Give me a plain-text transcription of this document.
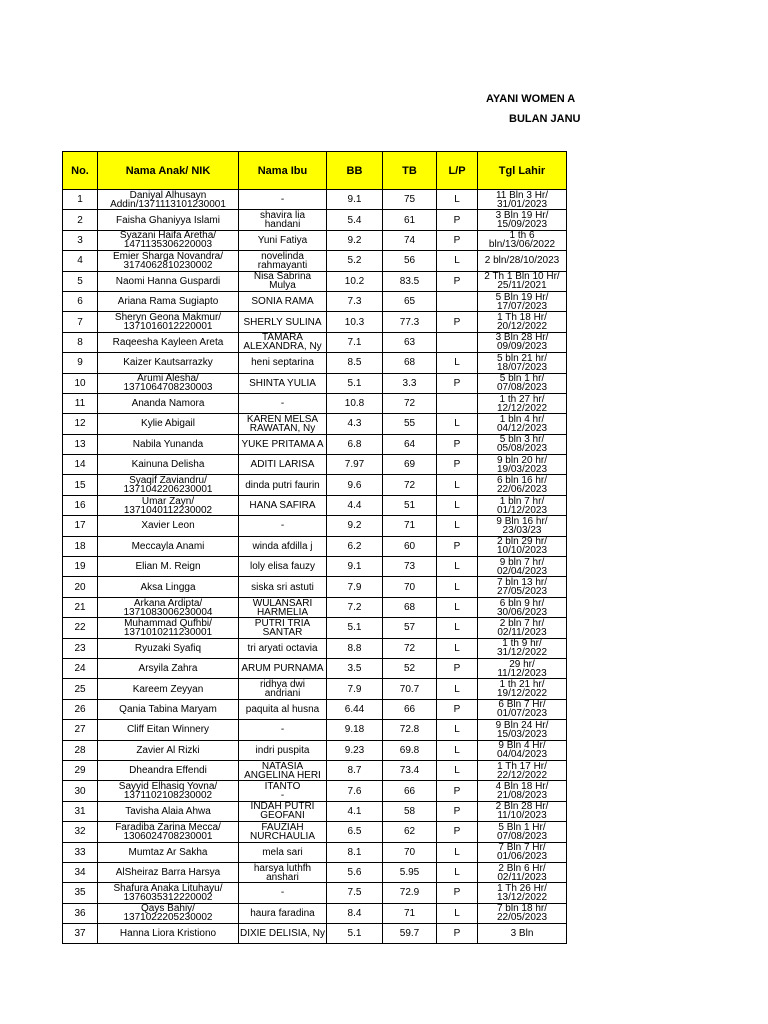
AYANI WOMEN A
BULAN JANU
No.	Nama Anak/ NIK	Nama Ibu	BB	TB	L/P	Tgl Lahir
1	Daniyal Alhusayn
Addin/1371113101230001	-	9.1	75	L	11 Bln 3 Hr/
31/01/2023

2	Faisha Ghaniyya Islami	shavira lia
handani	5.4	61	P	3 Bln 19 Hr/
15/09/2023

3	Syazani Haifa Aretha/
1471135306220003	Yuni Fatiya	9.2	74	P	1 th 6
bln/13/06/2022

4	Emier Sharga Novandra/
3174062810230002	novelinda
rahmayanti	5.2	56	L	2 bln/28/10/2023
5	Naomi Hanna Guspardi	Nisa Sabrina
Mulya	10.2	83.5	P	2 Th 1 Bln 10 Hr/
25/11/2021

6	Ariana Rama Sugiapto	SONIA RAMA	7.3	65		5 Bln 19 Hr/
17/07/2023

7	Sheryn Geona Makmur/
1371016012220001	SHERLY SULINA	10.3	77.3	P	1 Th 18 Hr/
20/12/2022

8	Raqeesha Kayleen Areta	TAMARA
ALEXANDRA, Ny	7.1	63		3 Bln 28 Hr/
09/09/2023

9	Kaizer Kautsarrazky	heni septarina	8.5	68	L	5 bln 21 hr/
18/07/2023

10	Arumi Alesha/
1371064708230003	SHINTA YULIA	5.1	3.3	P	5 bln 1 hr/
07/08/2023

11	Ananda Namora	-	10.8	72		1 th 27 hr/
12/12/2022

12	Kylie Abigail	KAREN MELSA
RAWATAN, Ny	4.3	55	L	1 bln 4 hr/
04/12/2023

13	Nabila Yunanda	YUKE PRITAMA A	6.8	64	P	5 bln 3 hr/
05/08/2023

14	Kainuna Delisha	ADITI LARISA	7.97	69	P	9 bln 20 hr/
19/03/2023

15	Syaqif Zaviandru/
1371042206230001	dinda putri faurin	9.6	72	L	6 bln 16 hr/
22/06/2023

16	Umar Zayn/
1371040112230002	HANA SAFIRA	4.4	51	L	1 bln 7 hr/
01/12/2023

17	Xavier Leon	-	9.2	71	L	9 Bln 16 hr/
23/03/23

18	Meccayla Anami	winda afdilla j	6.2	60	P	2 bln 29 hr/
10/10/2023

19	Elian M. Reign	loly elisa fauzy	9.1	73	L	9 bln 7 hr/
02/04/2023

20	Aksa Lingga	siska sri astuti	7.9	70	L	7 bln 13 hr/
27/05/2023

21	Arkana Ardipta/
1371083006230004	WULANSARI
HARMELIA	7.2	68	L	6 bln 9 hr/
30/06/2023

22	Muhammad Qufhbi/
1371010211230001	PUTRI TRIA
SANTAR	5.1	57	L	2 bln 7 hr/
02/11/2023

23	Ryuzaki Syafiq	tri aryati octavia	8.8	72	L	1 th 9 hr/
31/12/2022

24	Arsyila Zahra	ARUM PURNAMA	3.5	52	P	29 hr/
11/12/2023

25	Kareem Zeyyan	ridhya dwi
andriani	7.9	70.7	L	1 th 21 hr/
19/12/2022

26	Qania Tabina Maryam	paquita al husna	6.44	66	P	6 Bln 7 Hr/
01/07/2023

27	Cliff Eitan Winnery	-	9.18	72.8	L	9 Bln 24 Hr/
15/03/2023

28	Zavier Al Rizki	indri puspita	9.23	69.8	L	9 Bln 4 Hr/
04/04/2023

29	Dheandra Effendi	NATASIA
ANGELINA HERI	8.7	73.4	L	1 Th 17 Hr/
22/12/2022

30	Sayyid Elhasiq Yovna/
1371102108230002	ITANTO
-	7.6	66	P	4 Bln 18 Hr/
21/08/2023

31	Tavisha Alaia Ahwa	INDAH PUTRI
GEOFANI	4.1	58	P	2 Bln 28 Hr/
11/10/2023

32	Faradiba Zarina Mecca/
1306024708230001	FAUZIAH
NURCHAULIA	6.5	62	P	5 Bln 1 Hr/
07/08/2023

33	Mumtaz Ar Sakha	mela sari	8.1	70	L	7 Bln 7 Hr/
01/06/2023

34	AlSheiraz Barra Harsya	harsya luthfh
anshari	5.6	5.95	L	2 Bln 6 Hr/
02/11/2023

35	Shafura Anaka Lituhayu/
1376035312220002	-	7.5	72.9	P	1 Th 26 Hr/
13/12/2022

36	Qays Bahiy/
1371022205230002	haura faradina	8.4	71	L	7 bln 18 hr/
22/05/2023

37	Hanna Liora Kristiono	DIXIE DELISIA, Ny	5.1	59.7	P	3 Bln
